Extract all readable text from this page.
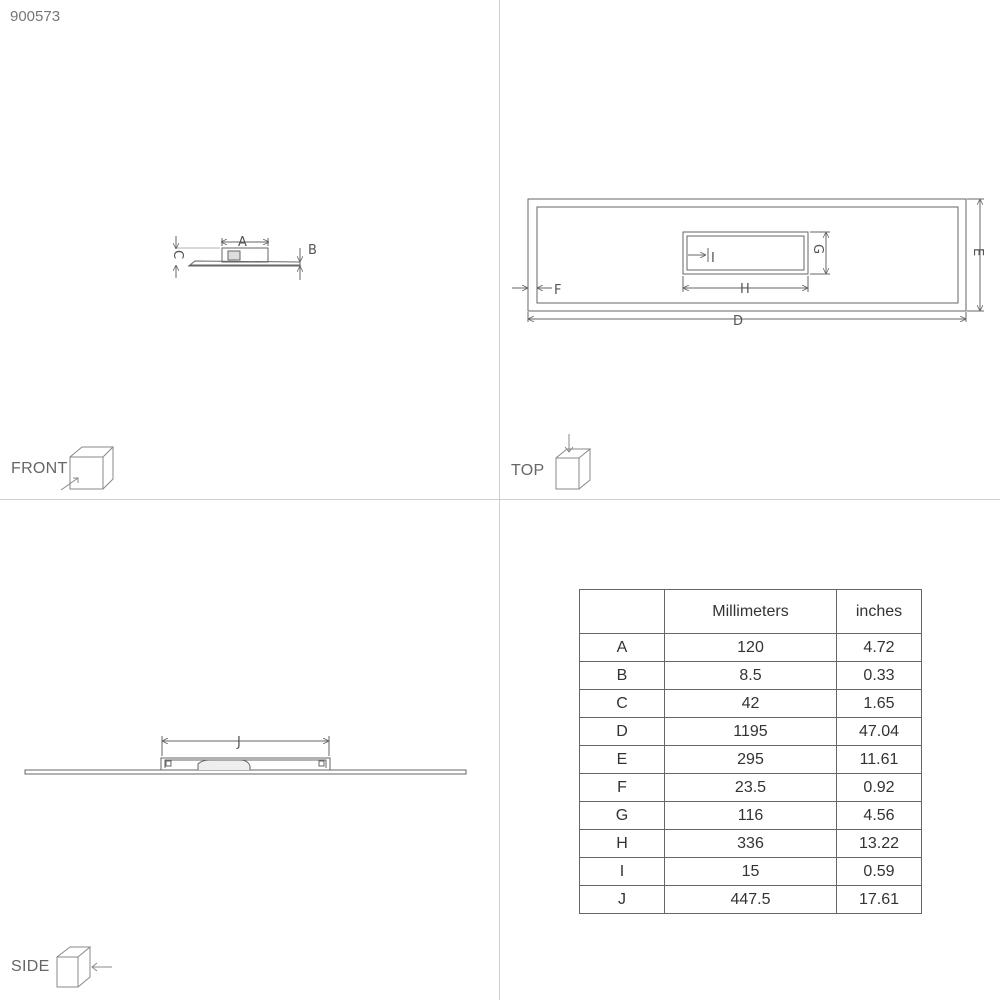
900573
A
B
C	I
G
H
F
E
D
J
FRONT	TOP
SIDE
	Millimeters	inches
A	120	4.72
B	8.5	0.33
C	42	1.65
D	1195	47.04
E	295	11.61
F	23.5	0.92
G	116	4.56
H	336	13.22
I	15	0.59
J	447.5	17.61
